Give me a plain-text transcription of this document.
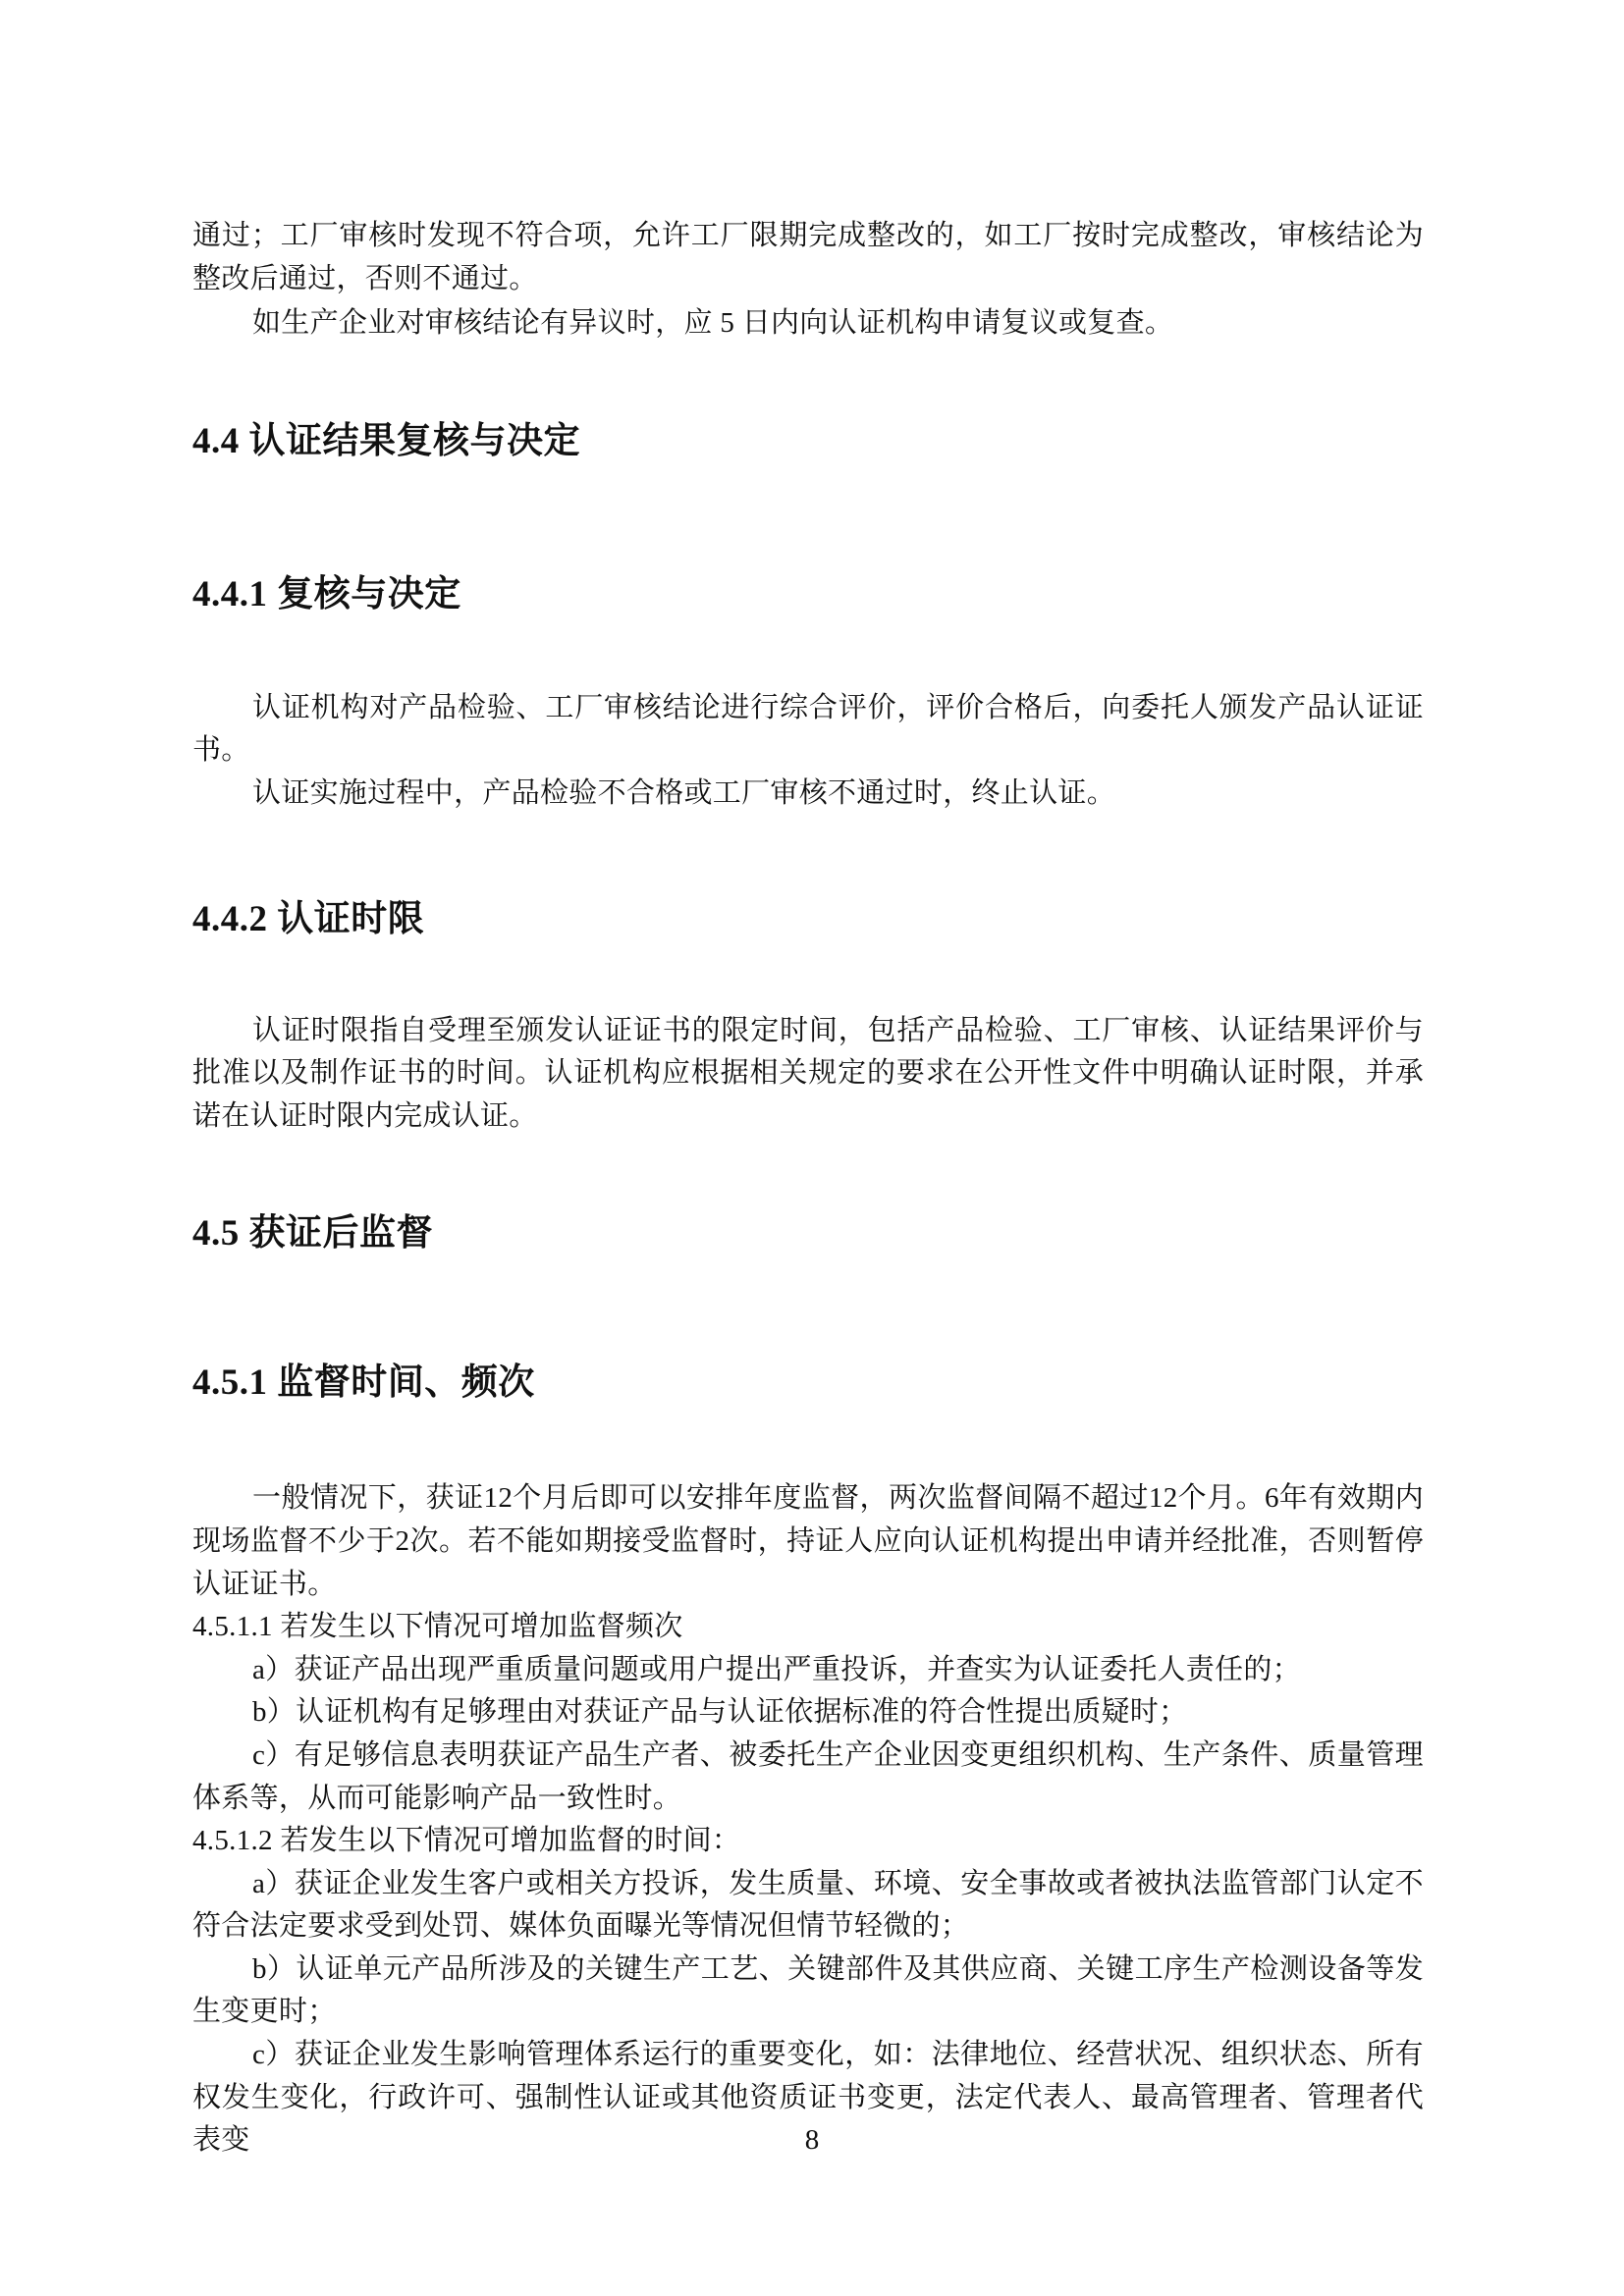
通过；工厂审核时发现不符合项，允许工厂限期完成整改的，如工厂按时完成整改，审核结论为整改后通过，否则不通过。

如生产企业对审核结论有异议时，应 5 日内向认证机构申请复议或复查。

4.4 认证结果复核与决定
4.4.1 复核与决定

认证机构对产品检验、工厂审核结论进行综合评价，评价合格后，向委托人颁发产品认证证书。

认证实施过程中，产品检验不合格或工厂审核不通过时，终止认证。

4.4.2 认证时限

认证时限指自受理至颁发认证证书的限定时间，包括产品检验、工厂审核、认证结果评价与批准以及制作证书的时间。认证机构应根据相关规定的要求在公开性文件中明确认证时限，并承诺在认证时限内完成认证。

4.5 获证后监督
4.5.1 监督时间、频次

一般情况下，获证12个月后即可以安排年度监督，两次监督间隔不超过12个月。6年有效期内现场监督不少于2次。若不能如期接受监督时，持证人应向认证机构提出申请并经批准，否则暂停认证证书。

4.5.1.1 若发生以下情况可增加监督频次

a）获证产品出现严重质量问题或用户提出严重投诉，并查实为认证委托人责任的；

b）认证机构有足够理由对获证产品与认证依据标准的符合性提出质疑时；

c）有足够信息表明获证产品生产者、被委托生产企业因变更组织机构、生产条件、质量管理体系等，从而可能影响产品一致性时。

4.5.1.2 若发生以下情况可增加监督的时间：

a）获证企业发生客户或相关方投诉，发生质量、环境、安全事故或者被执法监管部门认定不符合法定要求受到处罚、媒体负面曝光等情况但情节轻微的；

b）认证单元产品所涉及的关键生产工艺、关键部件及其供应商、关键工序生产检测设备等发生变更时；

c）获证企业发生影响管理体系运行的重要变化，如：法律地位、经营状况、组织状态、所有权发生变化，行政许可、强制性认证或其他资质证书变更，法定代表人、最高管理者、管理者代表变	8
